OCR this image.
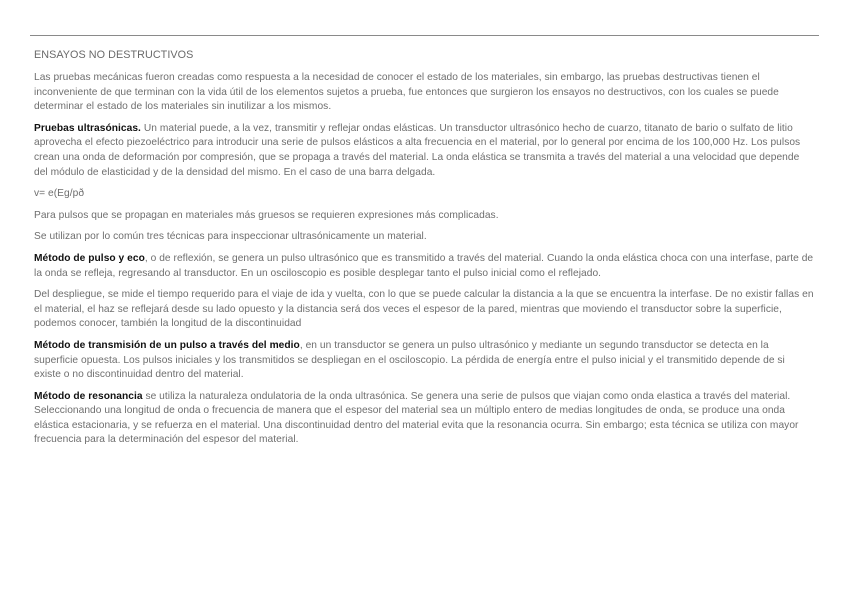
ENSAYOS NO DESTRUCTIVOS

Las pruebas mecánicas fueron creadas como respuesta a la necesidad de conocer el estado de los materiales, sin embargo, las pruebas destructivas tienen el inconveniente de que terminan con la vida útil de los elementos sujetos a prueba, fue entonces que surgieron los ensayos no destructivos, con los cuales se puede determinar el estado de los materiales sin inutilizar a los mismos.

Pruebas ultrasónicas. Un material puede, a la vez, transmitir y reflejar ondas elásticas. Un transductor ultrasónico hecho de cuarzo, titanato de bario o sulfato de litio aprovecha el efecto piezoeléctrico para introducir una serie de pulsos elásticos a alta frecuencia en el material, por lo general por encima de los 100,000 Hz. Los pulsos crean una onda de deformación por compresión, que se propaga a través del material. La onda elástica se transmita a través del material a una velocidad que depende del módulo de elasticidad y de la densidad del mismo. En el caso de una barra delgada.

v= e(Eg/pð

Para pulsos que se propagan en materiales más gruesos se requieren expresiones más complicadas.

Se utilizan por lo común tres técnicas para inspeccionar ultrasónicamente un material.

Método de pulso y eco, o de reflexión, se genera un pulso ultrasónico que es transmitido a través del material. Cuando la onda elástica choca con una interfase, parte de la onda se refleja, regresando al transductor. En un osciloscopio es posible desplegar tanto el pulso inicial como el reflejado.

Del despliegue, se mide el tiempo requerido para el viaje de ida y vuelta, con lo que se puede calcular la distancia a la que se encuentra la interfase. De no existir fallas en el material, el haz se reflejará desde su lado opuesto y la distancia será dos veces el espesor de la pared, mientras que moviendo el transductor sobre la superficie, podemos conocer, también la longitud de la discontinuidad

Método de transmisión de un pulso a través del medio, en un transductor se genera un pulso ultrasónico y mediante un segundo transductor se detecta en la superficie opuesta. Los pulsos iniciales y los transmitidos se despliegan en el osciloscopio. La pérdida de energía entre el pulso inicial y el transmitido depende de si existe o no discontinuidad dentro del material.

Método de resonancia se utiliza la naturaleza ondulatoria de la onda ultrasónica. Se genera una serie de pulsos que viajan como onda elastica a través del material. Seleccionando una longitud de onda o frecuencia de manera que el espesor del material sea un múltiplo entero de medias longitudes de onda, se produce una onda elástica estacionaria, y se refuerza en el material. Una discontinuidad dentro del material evita que la resonancia ocurra. Sin embargo; esta técnica se utiliza con mayor frecuencia para la determinación del espesor del material.
